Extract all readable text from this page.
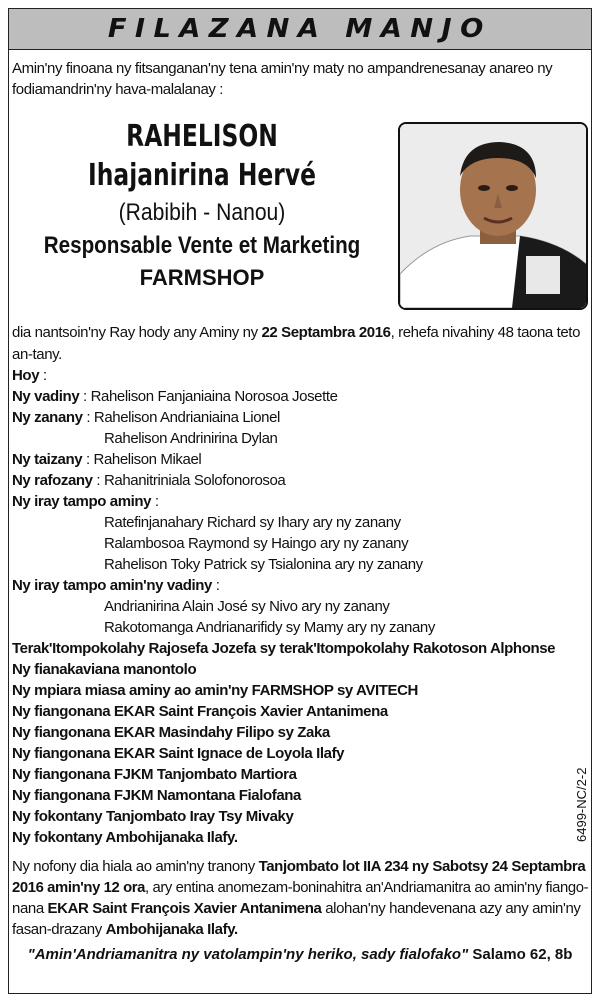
FILAZANA MANJO
Amin'ny finoana ny fitsanganan'ny tena amin'ny maty no ampandrenesanay anareo ny fodiamandrin'ny hava-malalanay :
RAHELISON
Ihajanirina Hervé
(Rabibih - Nanou)
Responsable Vente et Marketing
FARMSHOP
dia nantsoin'ny Ray hody any Aminy ny 22 Septambra 2016, rehefa nivahiny 48 taona teto
an-tany.
Hoy :
Ny vadiny : Rahelison Fanjaniaina Norosoa Josette
Ny zanany : Rahelison Andrianiaina Lionel
Rahelison Andrinirina Dylan
Ny taizany : Rahelison Mikael
Ny rafozany : Rahanitriniala Solofonorosoa
Ny iray tampo aminy :
Ratefinjanahary Richard sy Ihary ary ny zanany
Ralambosoa Raymond sy Haingo ary ny zanany
Rahelison Toky Patrick sy Tsialonina ary ny zanany
Ny iray tampo amin'ny vadiny :
Andrianirina Alain José sy Nivo ary ny zanany
Rakotomanga Andrianarifidy sy Mamy ary ny zanany
Terak'Itompokolahy Rajosefa Jozefa sy terak'Itompokolahy Rakotoson Alphonse
Ny fianakaviana manontolo
Ny mpiara miasa aminy ao amin'ny FARMSHOP sy AVITECH
Ny fiangonana EKAR Saint François Xavier Antanimena
Ny fiangonana EKAR Masindahy Filipo sy Zaka
Ny fiangonana EKAR Saint Ignace de Loyola Ilafy
Ny fiangonana FJKM Tanjombato Martiora
Ny fiangonana FJKM Namontana Fialofana
Ny fokontany Tanjombato Iray Tsy Mivaky
Ny fokontany Ambohijanaka Ilafy.	6499-NC/2-2
Ny nofony dia hiala ao amin'ny tranony Tanjombato lot IIA 234 ny Sabotsy 24 Septambra
2016 amin'ny 12 ora, ary entina anomezam-boninahitra an'Andriamanitra ao amin'ny fiango-
nana EKAR Saint François Xavier Antanimena alohan'ny handevenana azy any amin'ny
fasan-drazany Ambohijanaka Ilafy.
"Amin'Andriamanitra ny vatolampin'ny heriko, sady fialofako" Salamo 62, 8b
